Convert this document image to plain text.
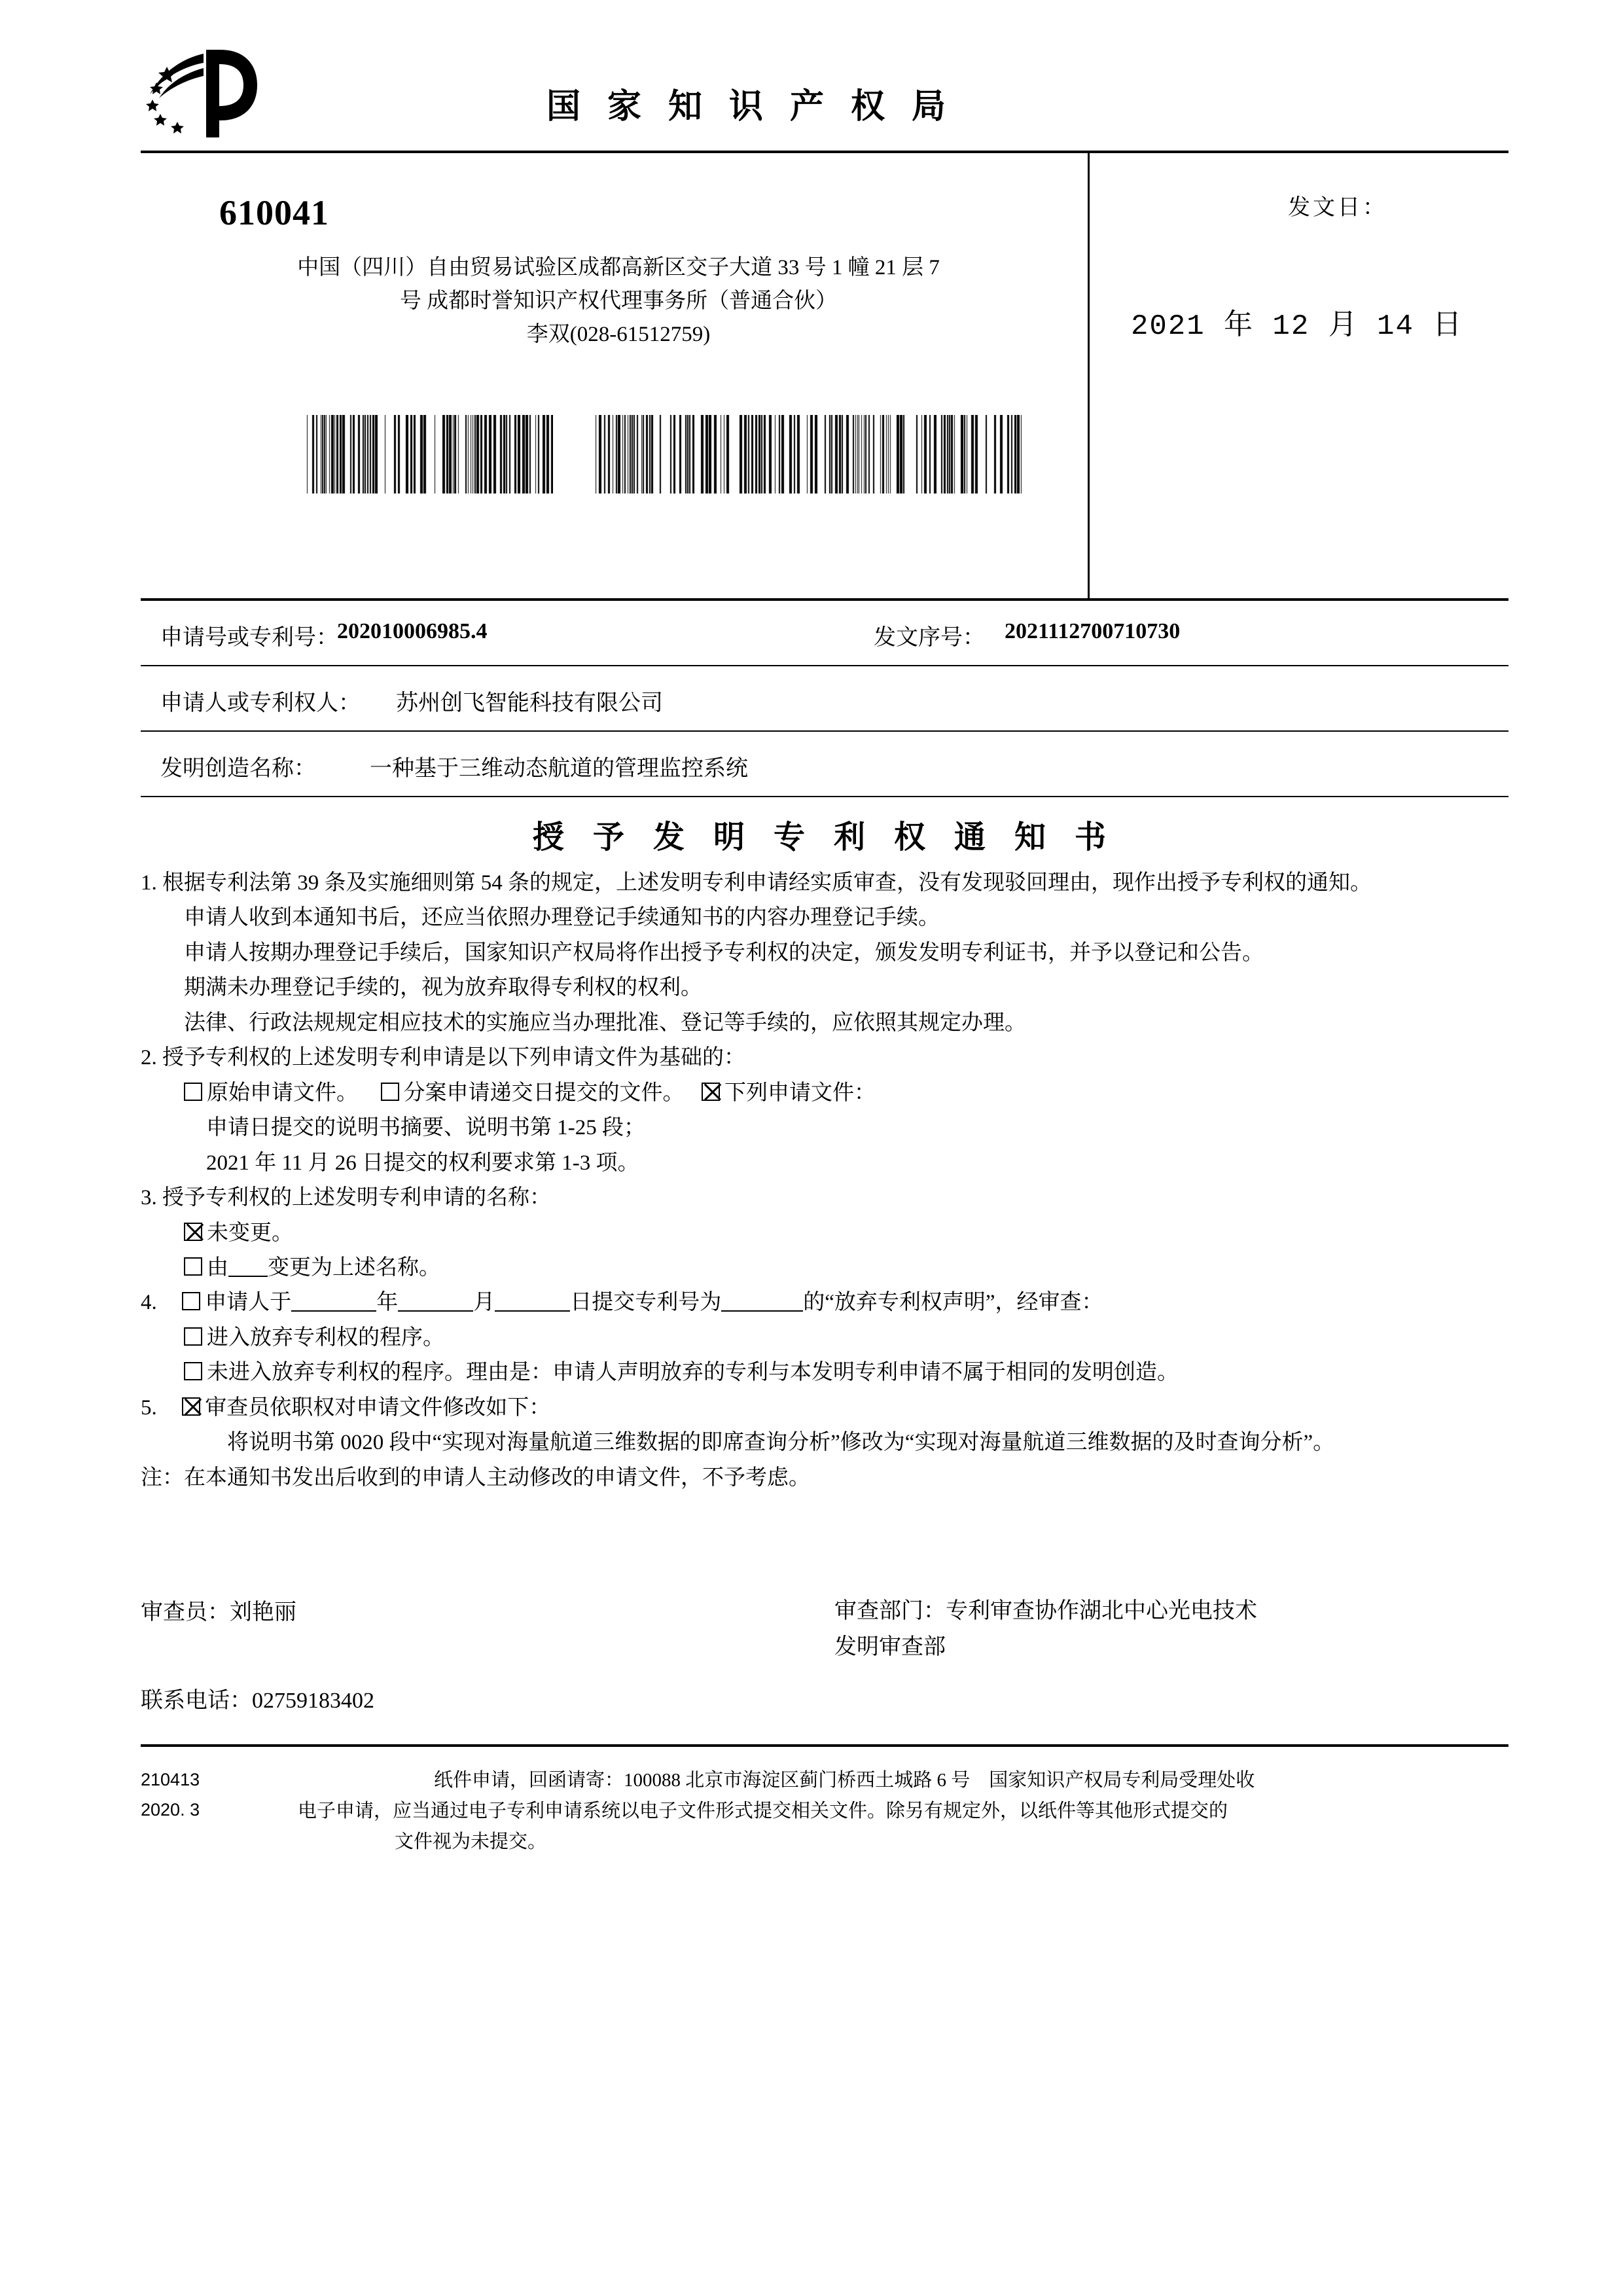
国 家 知 识 产 权 局
610041
中国（四川）自由贸易试验区成都高新区交子大道 33 号 1 幢 21 层 7
号 成都时誉知识产权代理事务所（普通合伙）
李双(028-61512759)
发文日：
2021 年 12 月 14 日
申请号或专利号：
202010006985.4	发文序号： 2021112700710730
申请人或专利权人： 苏州创飞智能科技有限公司
发明创造名称： 一种基于三维动态航道的管理监控系统
授 予 发 明 专 利 权 通 知 书

1. 根据专利法第 39 条及实施细则第 54 条的规定，上述发明专利申请经实质审查，没有发现驳回理由，现作出授予专利权的通知。

申请人收到本通知书后，还应当依照办理登记手续通知书的内容办理登记手续。

申请人按期办理登记手续后，国家知识产权局将作出授予专利权的决定，颁发发明专利证书，并予以登记和公告。

期满未办理登记手续的，视为放弃取得专利权的权利。

法律、行政法规规定相应技术的实施应当办理批准、登记等手续的，应依照其规定办理。

2. 授予专利权的上述发明专利申请是以下列申请文件为基础的：

原始申请文件。 分案申请递交日提交的文件。 下列申请文件：

申请日提交的说明书摘要、说明书第 1-25 段；

2021 年 11 月 26 日提交的权利要求第 1-3 项。

3. 授予专利权的上述发明专利申请的名称：

未变更。

由 变更为上述名称。

4. 申请人于	年	月	日提交专利号为	的“放弃专利权声明”，经审查：

进入放弃专利权的程序。

未进入放弃专利权的程序。理由是：申请人声明放弃的专利与本发明专利申请不属于相同的发明创造。

5. 审查员依职权对申请文件修改如下：

将说明书第 0020 段中“实现对海量航道三维数据的即席查询分析”修改为“实现对海量航道三维数据的及时查询分析”。

注：在本通知书发出后收到的申请人主动修改的申请文件，不予考虑。

审查员：刘艳丽	审查部门：专利审查协作湖北中心光电技术
发明审查部
联系电话：02759183402
210413
2020. 3
纸件申请，回函请寄：100088 北京市海淀区蓟门桥西土城路 6 号　国家知识产权局专利局受理处收
电子申请，应当通过电子专利申请系统以电子文件形式提交相关文件。除另有规定外，以纸件等其他形式提交的
文件视为未提交。
